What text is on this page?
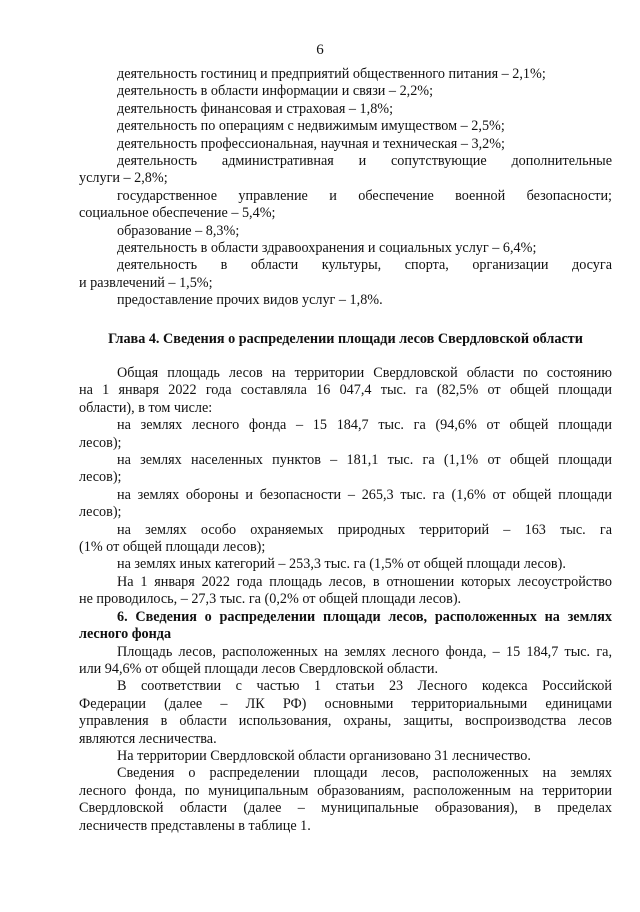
6

деятельность гостиниц и предприятий общественного питания – 2,1%;

деятельность в области информации и связи – 2,2%;

деятельность финансовая и страховая – 1,8%;

деятельность по операциям с недвижимым имуществом – 2,5%;

деятельность профессиональная, научная и техническая – 3,2%;

деятельность административная и сопутствующие дополнительные

услуги – 2,8%;

государственное управление и обеспечение военной безопасности;

социальное обеспечение – 5,4%;

образование – 8,3%;

деятельность в области здравоохранения и социальных услуг – 6,4%;

деятельность в области культуры, спорта, организации досуга

и развлечений – 1,5%;

предоставление прочих видов услуг – 1,8%.

Глава 4. Сведения о распределении площади лесов Свердловской области

Общая площадь лесов на территории Свердловской области по состоянию

на 1 января 2022 года составляла 16 047,4 тыс. га (82,5% от общей площади

области), в том числе:

на землях лесного фонда – 15 184,7 тыс. га (94,6% от общей площади

лесов);

на землях населенных пунктов – 181,1 тыс. га (1,1% от общей площади

лесов);

на землях обороны и безопасности – 265,3 тыс. га (1,6% от общей площади

лесов);

на землях особо охраняемых природных территорий – 163 тыс. га

(1% от общей площади лесов);

на землях иных категорий – 253,3 тыс. га (1,5% от общей площади лесов).

На 1 января 2022 года площадь лесов, в отношении которых лесоустройство

не проводилось, – 27,3 тыс. га (0,2% от общей площади лесов).

6. Сведения о распределении площади лесов, расположенных на землях

лесного фонда

Площадь лесов, расположенных на землях лесного фонда, – 15 184,7 тыс. га,

или 94,6% от общей площади лесов Свердловской области.

В соответствии с частью 1 статьи 23 Лесного кодекса Российской

Федерации (далее – ЛК РФ) основными территориальными единицами

управления в области использования, охраны, защиты, воспроизводства лесов

являются лесничества.

На территории Свердловской области организовано 31 лесничество.

Сведения о распределении площади лесов, расположенных на землях

лесного фонда, по муниципальным образованиям, расположенным на территории

Свердловской области (далее – муниципальные образования), в пределах

лесничеств представлены в таблице 1.
